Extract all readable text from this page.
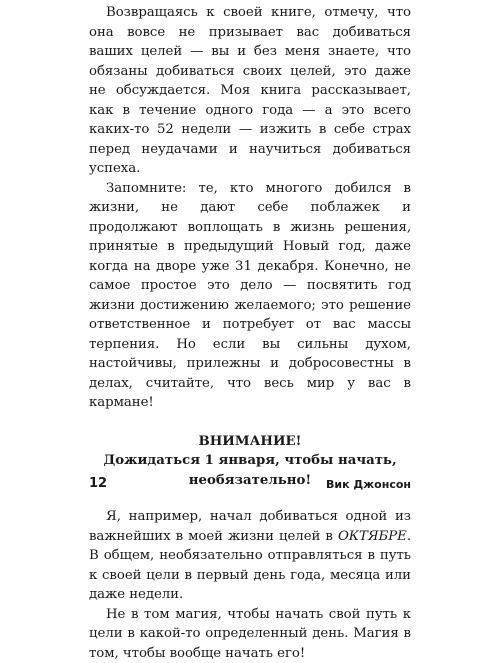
Возвращаясь к своей книге, отмечу, что она вовсе не призывает вас добиваться ваших целей — вы и без меня знаете, что обязаны добиваться своих целей, это даже не обсуждается. Моя книга рассказывает, как в течение одного года — а это всего каких-то 52 недели — изжить в себе страх перед неудачами и научиться добиваться успеха.

Запомните: те, кто многого добился в жизни, не дают себе поблажек и продолжают воплощать в жизнь решения, принятые в предыдущий Новый год, даже когда на дворе уже 31 декабря. Конечно, не самое простое это дело — посвятить год жизни достижению желаемого; это решение ответственное и потребует от вас массы терпения. Но если вы сильны духом, настойчивы, прилежны и добросовестны в делах, считайте, что весь мир у вас в кармане!

ВНИМАНИЕ!
Дожидаться 1 января, чтобы начать,
необязательно!

Я, например, начал добиваться одной из важнейших в моей жизни целей в ОКТЯБРЕ. В общем, необязательно отправляться в путь к своей цели в первый день года, месяца или даже недели.

Не в том магия, чтобы начать свой путь к цели в какой-то определенный день. Магия в том, чтобы вообще начать его!

12	Вик Джонсон
